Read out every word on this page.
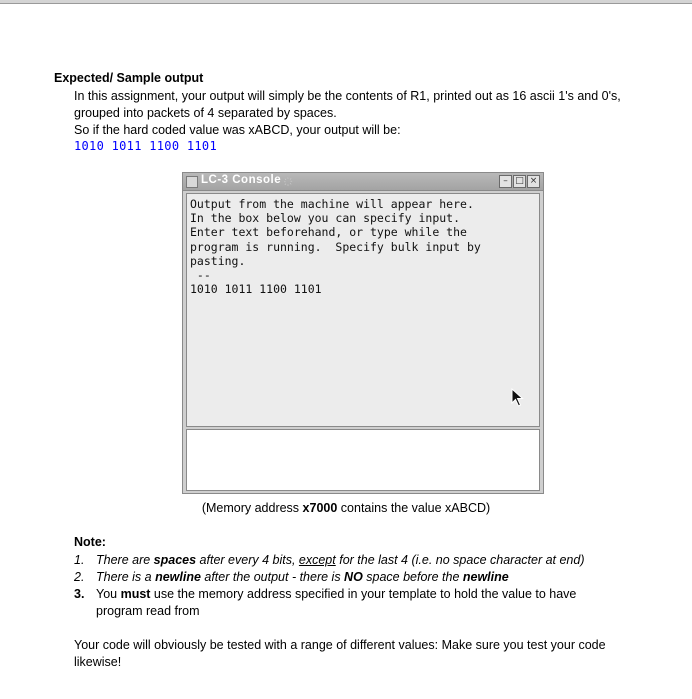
Expected/ Sample output
In this assignment, your output will simply be the contents of R1, printed out as 16 ascii 1's and 0's,
grouped into packets of 4 separated by spaces.
So if the hard coded value was xABCD, your output will be:
1010 1011 1100 1101
LC-3 Console	– □ ×
Output from the machine will appear here.
In the box below you can specify input.
Enter text beforehand, or type while the
program is running.  Specify bulk input by
pasting.
--
1010 1011 1100 1101
(Memory address x7000 contains the value xABCD)
Note:
1. There are spaces after every 4 bits, except for the last 4 (i.e. no space character at end)
2. There is a newline after the output - there is NO space before the newline
3. You must use the memory address specified in your template to hold the value to have
program read from
Your code will obviously be tested with a range of different values: Make sure you test your code
likewise!
